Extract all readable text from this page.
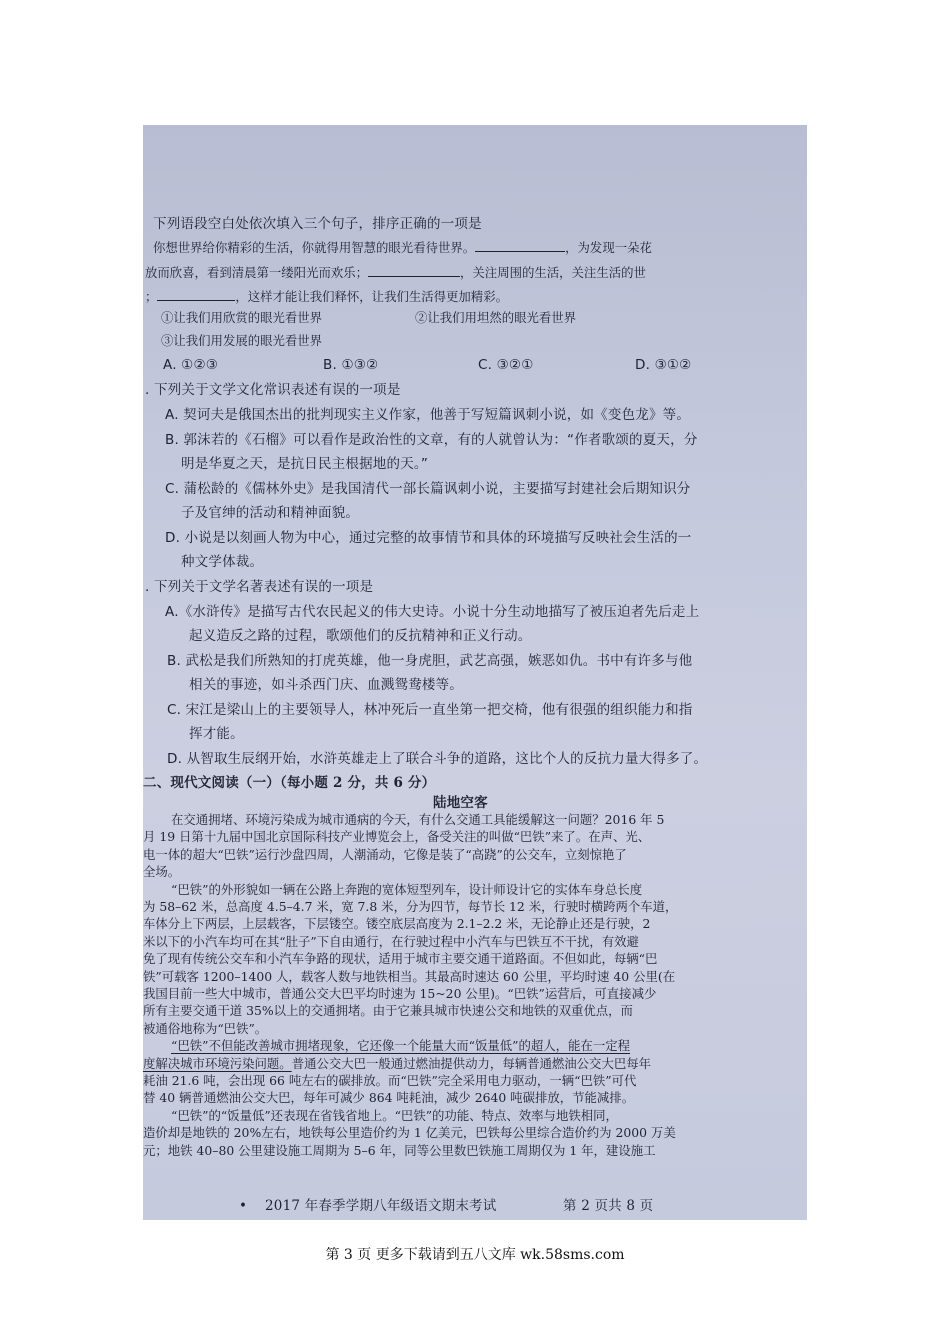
下列语段空白处依次填入三个句子，排序正确的一项是
你想世界给你精彩的生活，你就得用智慧的眼光看待世界。	，为发现一朵花
放而欣喜，看到清晨第一缕阳光而欢乐；	，关注周围的生活，关注生活的世
；	，这样才能让我们释怀，让我们生活得更加精彩。
①让我们用欣赏的眼光看世界	②让我们用坦然的眼光看世界
③让我们用发展的眼光看世界
A. ①②③	B. ①③②	C. ③②①	D. ③①②
. 下列关于文学文化常识表述有误的一项是
A. 契诃夫是俄国杰出的批判现实主义作家，他善于写短篇讽刺小说，如《变色龙》等。
B. 郭沫若的《石榴》可以看作是政治性的文章，有的人就曾认为：“作者歌颂的夏天，分
明是华夏之天，是抗日民主根据地的天。”
C. 蒲松龄的《儒林外史》是我国清代一部长篇讽刺小说，主要描写封建社会后期知识分
子及官绅的活动和精神面貌。
D. 小说是以刻画人物为中心，通过完整的故事情节和具体的环境描写反映社会生活的一
种文学体裁。
. 下列关于文学名著表述有误的一项是
A.《水浒传》是描写古代农民起义的伟大史诗。小说十分生动地描写了被压迫者先后走上
起义造反之路的过程，歌颂他们的反抗精神和正义行动。
B. 武松是我们所熟知的打虎英雄，他一身虎胆，武艺高强，嫉恶如仇。书中有许多与他
相关的事迹，如斗杀西门庆、血溅鸳鸯楼等。
C. 宋江是梁山上的主要领导人，林冲死后一直坐第一把交椅，他有很强的组织能力和指
挥才能。
D. 从智取生辰纲开始，水浒英雄走上了联合斗争的道路，这比个人的反抗力量大得多了。
二、现代文阅读（一）（每小题 2 分，共 6 分）
陆地空客
在交通拥堵、环境污染成为城市通病的今天，有什么交通工具能缓解这一问题？2016 年 5
月 19 日第十九届中国北京国际科技产业博览会上，备受关注的叫做“巴铁”来了。在声、光、
电一体的超大“巴铁”运行沙盘四周，人潮涌动，它像是装了“高跷”的公交车，立刻惊艳了
全场。
“巴铁”的外形貌如一辆在公路上奔跑的宽体短型列车，设计师设计它的实体车身总长度
为 58–62 米，总高度 4.5–4.7 米，宽 7.8 米，分为四节，每节长 12 米，行驶时横跨两个车道，
车体分上下两层，上层载客，下层镂空。镂空底层高度为 2.1–2.2 米，无论静止还是行驶，2
米以下的小汽车均可在其“肚子”下自由通行，在行驶过程中小汽车与巴铁互不干扰，有效避
免了现有传统公交车和小汽车争路的现状，适用于城市主要交通干道路面。不但如此，每辆“巴
铁”可载客 1200–1400 人，载客人数与地铁相当。其最高时速达 60 公里，平均时速 40 公里(在
我国目前一些大中城市，普通公交大巴平均时速为 15~20 公里)。“巴铁”运营后，可直接减少
所有主要交通干道 35%以上的交通拥堵。由于它兼具城市快速公交和地铁的双重优点，而
被通俗地称为“巴铁”。
“巴铁”不但能改善城市拥堵现象，它还像一个能量大而“饭量低”的超人，能在一定程
度解决城市环境污染问题。普通公交大巴一般通过燃油提供动力，每辆普通燃油公交大巴每年
耗油 21.6 吨，会出现 66 吨左右的碳排放。而“巴铁”完全采用电力驱动，一辆“巴铁”可代
替 40 辆普通燃油公交大巴，每年可减少 864 吨耗油，减少 2640 吨碳排放，节能减排。
“巴铁”的“饭量低”还表现在省钱省地上。“巴铁”的功能、特点、效率与地铁相同，
造价却是地铁的 20%左右，地铁每公里造价约为 1 亿美元，巴铁每公里综合造价约为 2000 万美
元；地铁 40–80 公里建设施工周期为 5–6 年，同等公里数巴铁施工周期仅为 1 年，建设施工
• 2017 年春季学期八年级语文期末考试	第 2 页共 8 页
第 3 页 更多下载请到五八文库 wk.58sms.com
